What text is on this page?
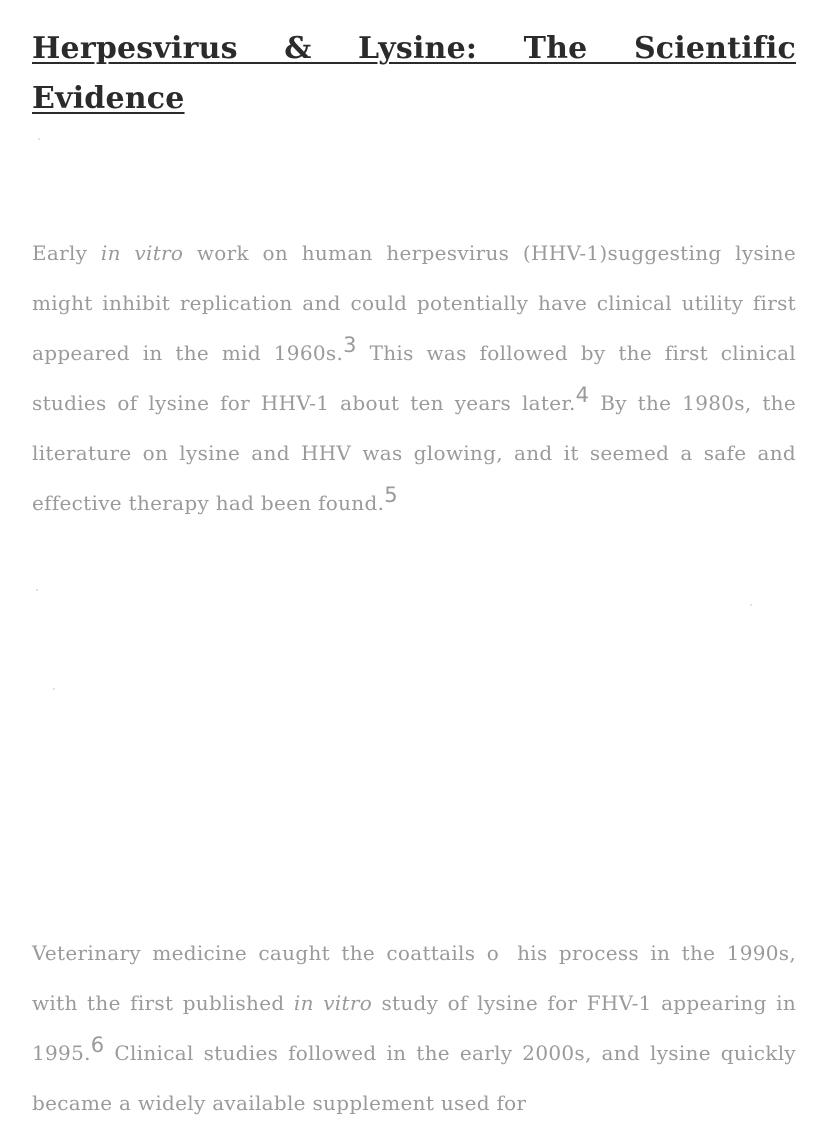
Herpesvirus & Lysine: The Scientific Evidence

Early in vitro work on human herpesvirus (HHV-1)suggesting lysine might inhibit replication and could potentially have clinical utility first appeared in the mid 1960s.$^3$ This was followed by the first clinical studies of lysine for HHV-1 about ten years later.$^4$ By the 1980s, the literature on lysine and HHV was glowing, and it seemed a safe and effective therapy had been found.$^5$

Veterinary medicine caught the coattails o his process in the 1990s, with the first published in vitro study of lysine for FHV-1 appearing in 1995.$^6$ Clinical studies followed in the early 2000s, and lysine quickly became a widely available supplement used for
